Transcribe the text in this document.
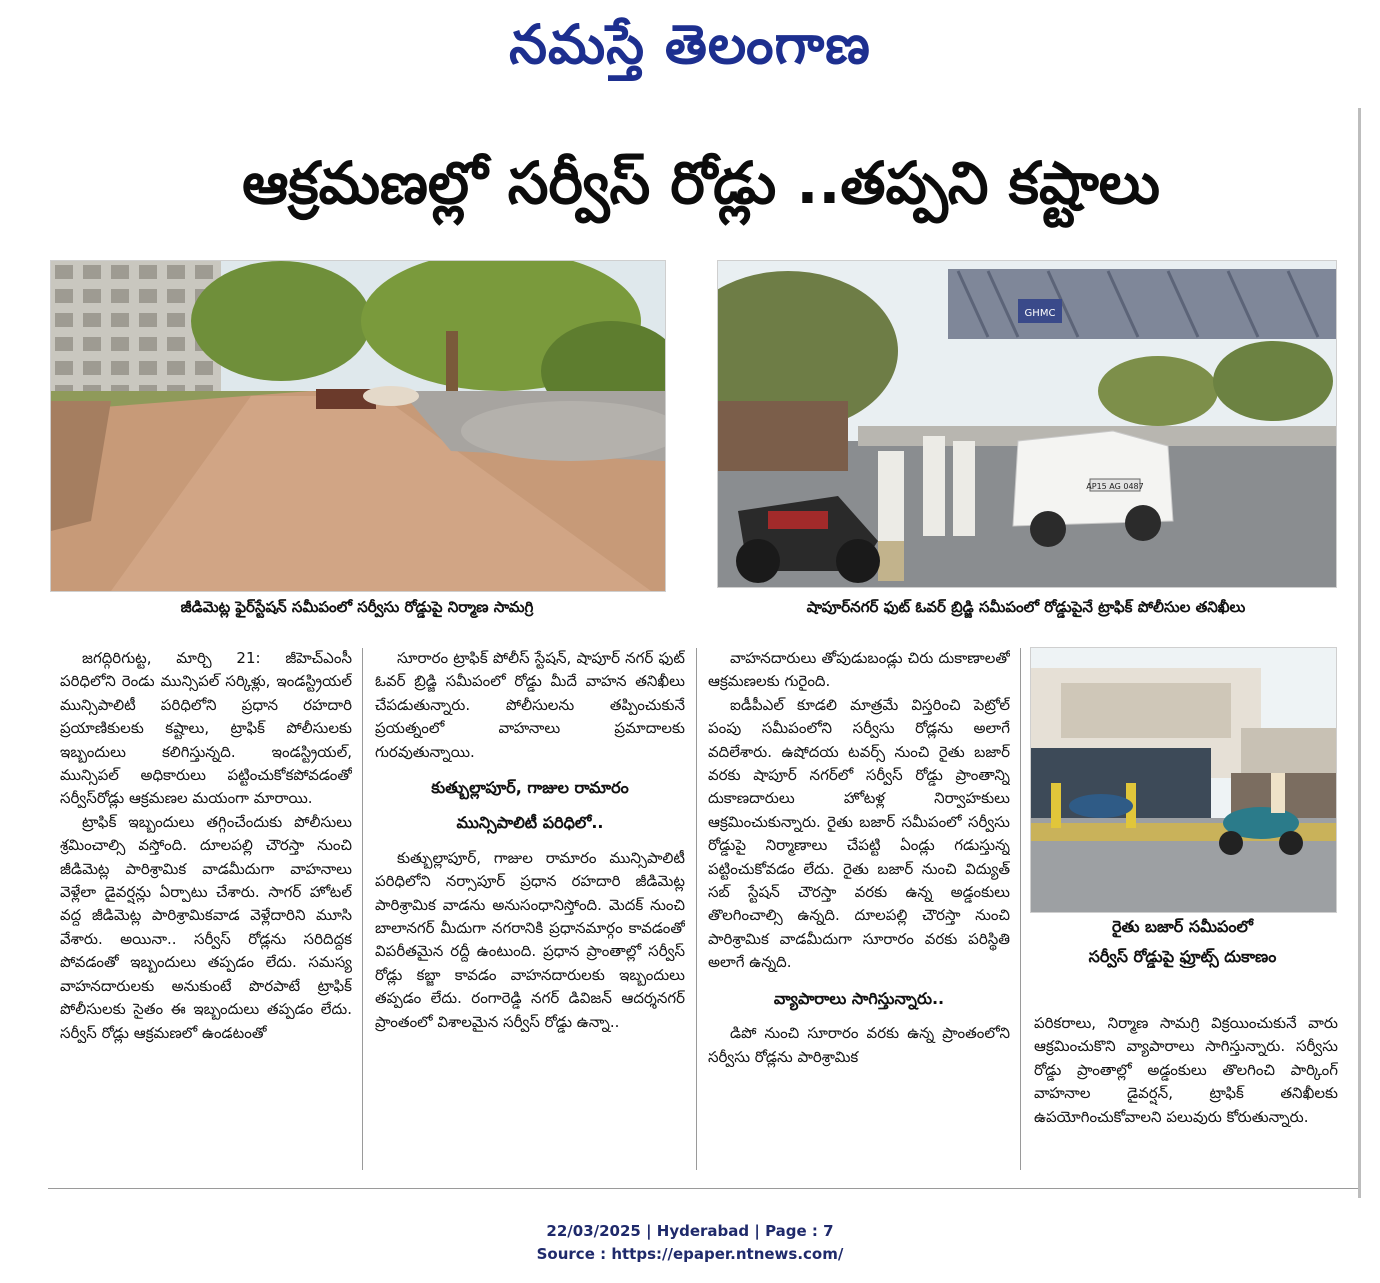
నమస్తే తెలంగాణ
ఆక్రమణల్లో సర్వీస్ రోడ్లు ..తప్పని కష్టాలు
జీడిమెట్ల ఫైర్‌స్టేషన్ సమీపంలో సర్వీసు రోడ్డుపై నిర్మాణ సామగ్రి
GHMC
AP15 AG 0487
షాపూర్‌నగర్ ఫుట్ ఓవర్ బ్రిడ్జి సమీపంలో రోడ్డుపైనే ట్రాఫిక్ పోలీసుల తనిఖీలు
రైతు బజార్ సమీపంలో
సర్వీస్ రోడ్డుపై ఫ్రూట్స్ దుకాణం

జగద్గిరిగుట్ట, మార్చి 21: జీహెచ్‌ఎంసీ పరిధిలోని రెండు మున్సిపల్ సర్కిళ్లు, ఇండస్ట్రియల్ మున్సిపాలిటీ పరిధిలోని ప్రధాన రహదారి ప్రయాణికులకు కష్టాలు, ట్రాఫిక్ పోలీసులకు ఇబ్బందులు కలిగిస్తున్నది. ఇండస్ట్రియల్, మున్సిపల్ అధికారులు పట్టించుకోకపోవడంతో సర్వీస్‌రోడ్లు ఆక్రమణల మయంగా మారాయి.

ట్రాఫిక్ ఇబ్బందులు తగ్గించేందుకు పోలీసులు శ్రమించాల్సి వస్తోంది. దూలపల్లి చౌరస్తా నుంచి జీడిమెట్ల పారిశ్రామిక వాడమీదుగా వాహనాలు వెళ్లేలా డైవర్షన్లు ఏర్పాటు చేశారు. సాగర్ హోటల్ వద్ద జీడిమెట్ల పారిశ్రామికవాడ వెళ్లేదారిని మూసి వేశారు. అయినా.. సర్వీస్ రోడ్లను సరిదిద్దక పోవడంతో ఇబ్బందులు తప్పడం లేదు. సమస్య వాహనదారులకు అనుకుంటే పొరపాటే ట్రాఫిక్ పోలీసులకు సైతం ఈ ఇబ్బందులు తప్పడం లేదు. సర్వీస్ రోడ్లు ఆక్రమణలో ఉండటంతో

సూరారం ట్రాఫిక్ పోలీస్ స్టేషన్, షాపూర్ నగర్ ఫుట్ ఓవర్ బ్రిడ్జి సమీపంలో రోడ్డు మీదే వాహన తనిఖీలు చేపడుతున్నారు. పోలీసులను తప్పించుకునే ప్రయత్నంలో వాహనాలు ప్రమాదాలకు గురవుతున్నాయి.

కుత్బుల్లాపూర్, గాజుల రామారం

మున్సిపాలిటీ పరిధిలో..

కుత్బుల్లాపూర్, గాజుల రామారం మున్సిపాలిటీ పరిధిలోని నర్సాపూర్ ప్రధాన రహదారి జీడిమెట్ల పారిశ్రామిక వాడను అనుసంధానిస్తోంది. మెదక్ నుంచి బాలానగర్ మీదుగా నగరానికి ప్రధానమార్గం కావడంతో విపరీతమైన రద్దీ ఉంటుంది. ప్రధాన ప్రాంతాల్లో సర్వీస్ రోడ్లు కబ్జా కావడం వాహనదారులకు ఇబ్బందులు తప్పడం లేదు. రంగారెడ్డి నగర్ డివిజన్ ఆదర్శనగర్ ప్రాంతంలో విశాలమైన సర్వీస్ రోడ్డు ఉన్నా..

వాహనదారులు తోపుడుబండ్లు చిరు దుకాణాలతో ఆక్రమణలకు గురైంది.

ఐడీపీఎల్ కూడలి మాత్రమే విస్తరించి పెట్రోల్ పంపు సమీపంలోని సర్వీసు రోడ్లను అలాగే వదిలేశారు. ఉషోదయ టవర్స్ నుంచి రైతు బజార్ వరకు షాపూర్ నగర్‌లో సర్వీస్ రోడ్డు ప్రాంతాన్ని దుకాణదారులు హోటళ్ల నిర్వాహకులు ఆక్రమించుకున్నారు. రైతు బజార్ సమీపంలో సర్వీసు రోడ్డుపై నిర్మాణాలు చేపట్టి ఏండ్లు గడుస్తున్న పట్టించుకోవడం లేదు. రైతు బజార్ నుంచి విద్యుత్ సబ్ స్టేషన్ చౌరస్తా వరకు ఉన్న అడ్డంకులు తొలగించాల్సి ఉన్నది. దూలపల్లి చౌరస్తా నుంచి పారిశ్రామిక వాడమీదుగా సూరారం వరకు పరిస్థితి అలాగే ఉన్నది.

వ్యాపారాలు సాగిస్తున్నారు..

డిపో నుంచి సూరారం వరకు ఉన్న ప్రాంతంలోని సర్వీసు రోడ్లను పారిశ్రామిక

పరికరాలు, నిర్మాణ సామగ్రి విక్రయించుకునే వారు ఆక్రమించుకొని వ్యాపారాలు సాగిస్తున్నారు. సర్వీసు రోడ్డు ప్రాంతాల్లో అడ్డంకులు తొలగించి పార్కింగ్ వాహనాల డైవర్షన్, ట్రాఫిక్ తనిఖీలకు ఉపయోగించుకోవాలని పలువురు కోరుతున్నారు.

22/03/2025 | Hyderabad | Page : 7
Source : https://epaper.ntnews.com/
